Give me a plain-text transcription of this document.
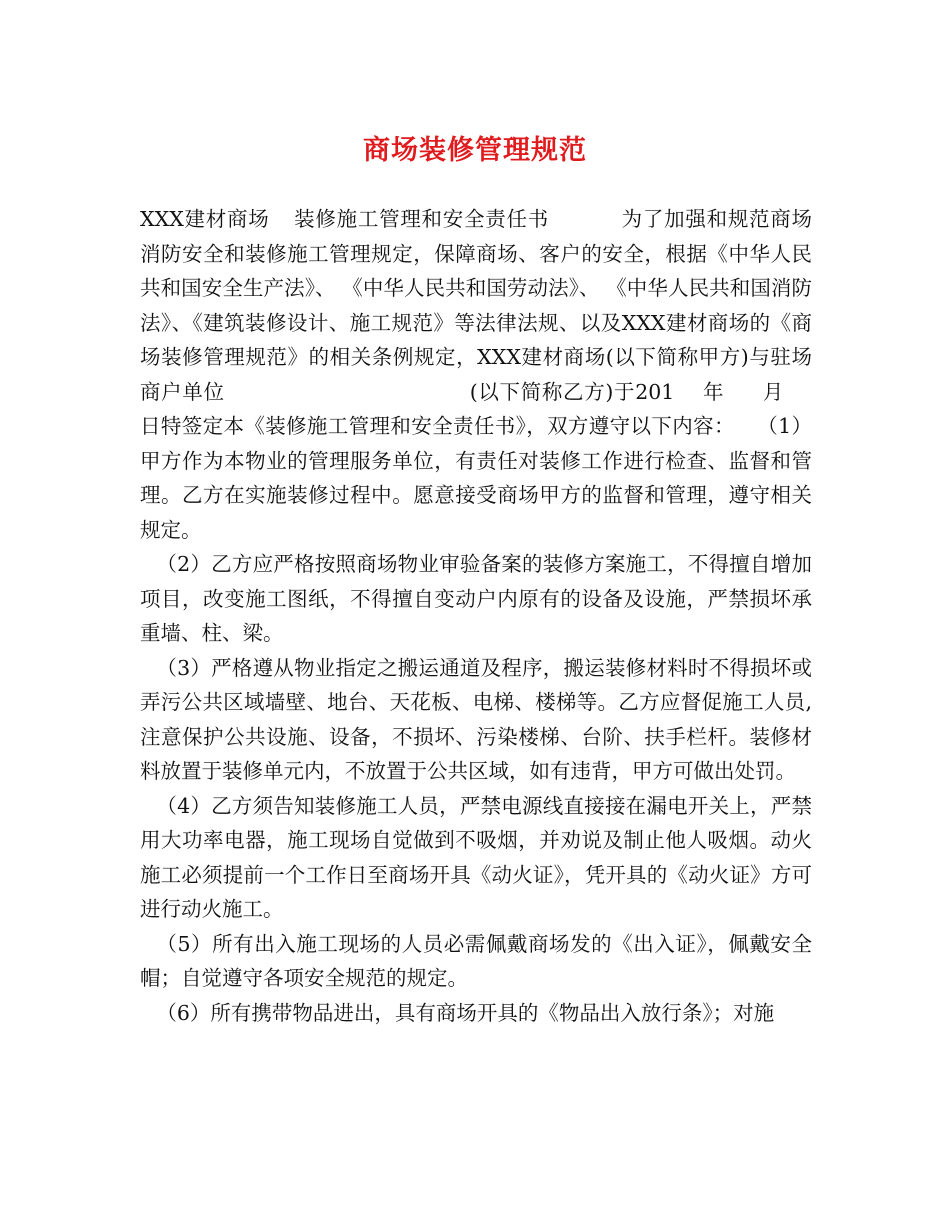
商场装修管理规范

XXX建材商场 装修施工管理和安全责任书	为了加强和规范商场消防安全和装修施工管理规定，保障商场、客户的安全，根据《中华人民共和国安全生产法》、 《中华人民共和国劳动法》、 《中华人民共和国消防法》、《建筑装修设计、施工规范》等法律法规、以及XXX建材商场的《商场装修管理规范》的相关条例规定，XXX建材商场(以下简称甲方)与驻场商户单位	(以下简称乙方)于201 年 月日特签定本《装修施工管理和安全责任书》，双方遵守以下内容： （1）甲方作为本物业的管理服务单位，有责任对装修工作进行检查、监督和管理。乙方在实施装修过程中。愿意接受商场甲方的监督和管理，遵守相关规定。

（2）乙方应严格按照商场物业审验备案的装修方案施工，不得擅自增加项目，改变施工图纸，不得擅自变动户内原有的设备及设施，严禁损坏承重墙、柱、梁。

（3）严格遵从物业指定之搬运通道及程序，搬运装修材料时不得损坏或弄污公共区域墙壁、地台、天花板、电梯、楼梯等。乙方应督促施工人员,注意保护公共设施、设备，不损坏、污染楼梯、台阶、扶手栏杆。装修材料放置于装修单元内，不放置于公共区域，如有违背，甲方可做出处罚。

（4）乙方须告知装修施工人员，严禁电源线直接接在漏电开关上，严禁用大功率电器，施工现场自觉做到不吸烟，并劝说及制止他人吸烟。动火施工必须提前一个工作日至商场开具《动火证》，凭开具的《动火证》方可进行动火施工。

（5）所有出入施工现场的人员必需佩戴商场发的《出入证》，佩戴安全帽；自觉遵守各项安全规范的规定。

（6）所有携带物品进出，具有商场开具的《物品出入放行条》；对施
